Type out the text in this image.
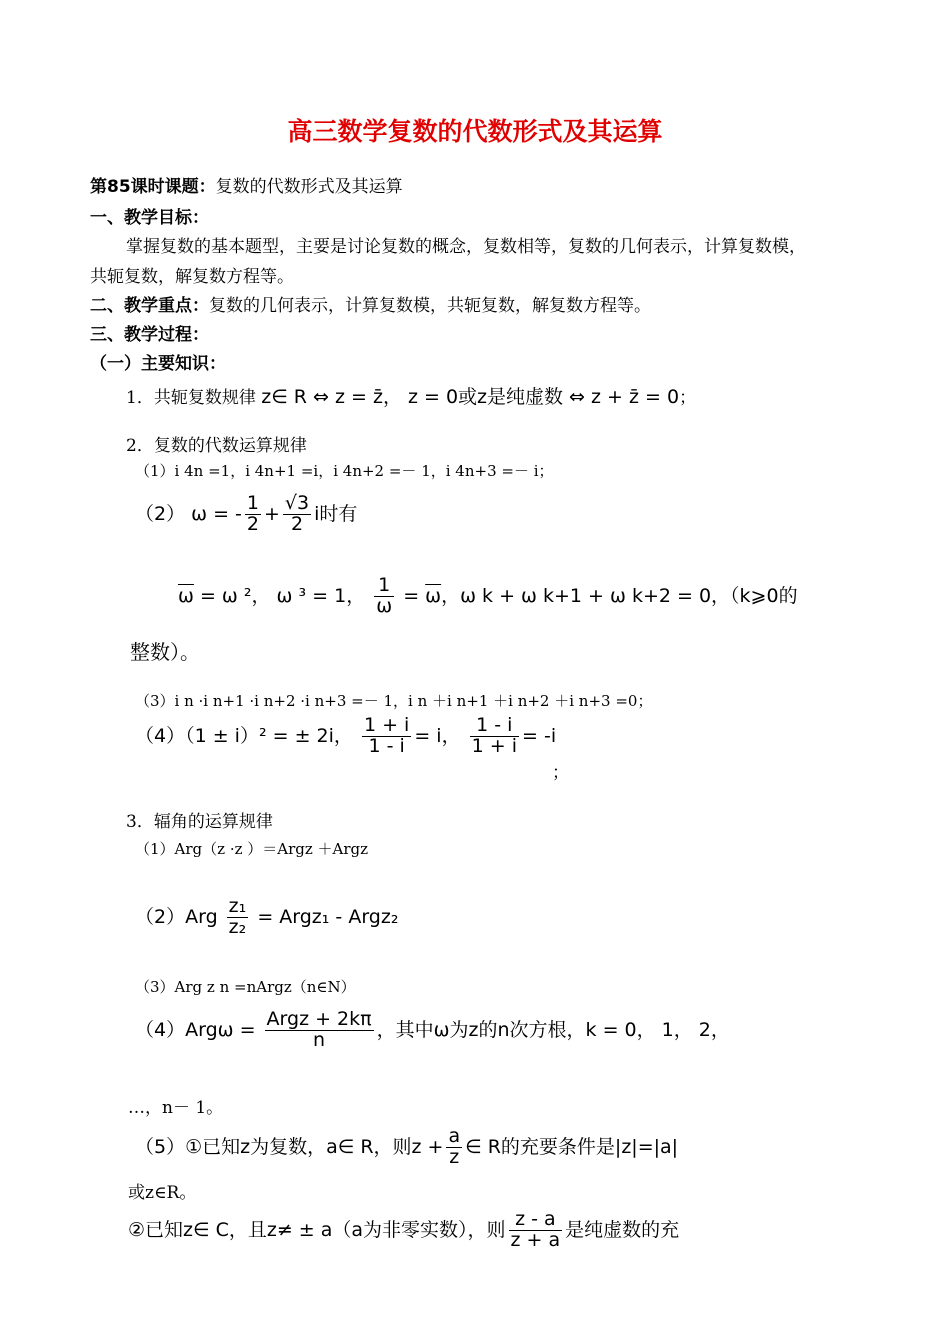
高三数学复数的代数形式及其运算
第85课时课题：复数的代数形式及其运算
一、教学目标：
掌握复数的基本题型，主要是讨论复数的概念，复数相等，复数的几何表示，计算复数模，
共轭复数，解复数方程等。
二、教学重点：复数的几何表示，计算复数模，共轭复数，解复数方程等。
三、教学过程：
（一）主要知识：
1．共轭复数规律 z∈ R ⇔ z = z̄， z = 0或z是纯虚数 ⇔ z + z̄ = 0；
2．复数的代数运算规律
（1）i 4n =1，i 4n+1 =i，i 4n+2 =－ 1，i 4n+3 =－ i；
（2） ω = - $\frac{1}{2} + \frac{√3}{2}$ i时有
$\overline{\omega} = \omega$ ²， ω ³ = 1， $\frac{1}{\omega} = \overline{\omega}$，ω k + ω k+1 + ω k+2 = 0，（k⩾0的
整数）。
（3）i n ·i n+1 ·i n+2 ·i n+3 =－ 1，i n ＋i n+1 ＋i n+2 ＋i n+3 =0；
（4）（1 ± i）² = ± 2i， $\frac{1 + i}{1 - i} = i$， $\frac{1 - i}{1 + i} = -i$
；
3．辐角的运算规律
（1）Arg（z ·z ）＝Argz ＋Argz
$(2)Arg \frac{\text{z₁}}{\text{z₂}}$ = Argz₁ - Argz₂
（3）Arg z n =nArgz（n∈N）
$(4)Arg\omega = \frac{\text{Argz + 2kπ}}{n}$ ，其中ω为z的n次方根，k = 0， 1， 2，
…，n－ 1。
（5）①已知z为复数，a∈ R，则$z + \frac{a}{z}$ ∈ R的充要条件是|z|=|a|
或z∈R。
②已知z∈ C，且z≠ ± a（a为非零实数），则 $\frac{z - a}{z + a}$ 是纯虚数的充
